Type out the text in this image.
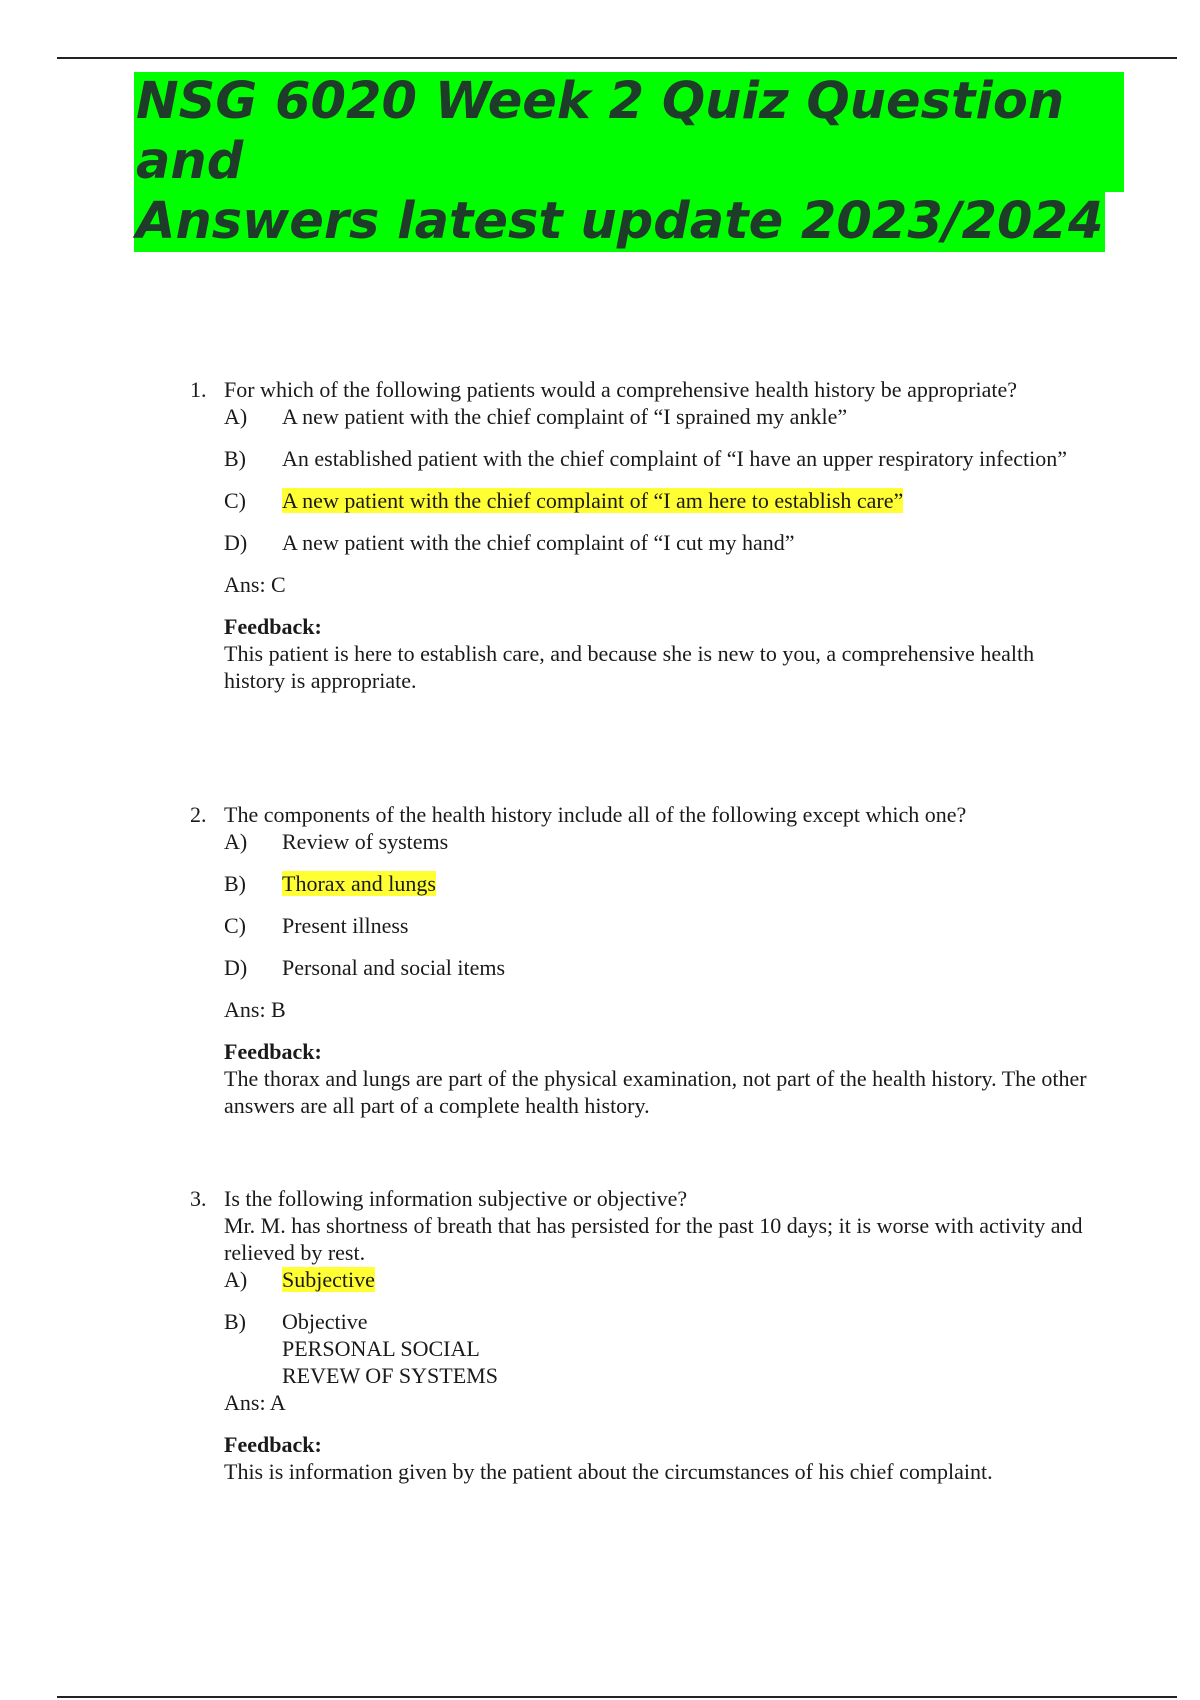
NSG 6020 Week 2 Quiz Question and
Answers latest update 2023/2024
1. For which of the following patients would a comprehensive health history be appropriate?
A)	A new patient with the chief complaint of “I sprained my ankle”
B)	An established patient with the chief complaint of “I have an upper respiratory infection”
C)	A new patient with the chief complaint of “I am here to establish care”
D)	A new patient with the chief complaint of “I cut my hand”
Ans: C
Feedback:
This patient is here to establish care, and because she is new to you, a comprehensive health history is appropriate.
2. The components of the health history include all of the following except which one?
A)	Review of systems
B)	Thorax and lungs
C)	Present illness
D)	Personal and social items
Ans: B
Feedback:
The thorax and lungs are part of the physical examination, not part of the health history. The other answers are all part of a complete health history.
3. Is the following information subjective or objective?
Mr. M. has shortness of breath that has persisted for the past 10 days; it is worse with activity and relieved by rest.
A)	Subjective
B)	Objective
PERSONAL SOCIAL
REVEW OF SYSTEMS
Ans: A
Feedback:
This is information given by the patient about the circumstances of his chief complaint.
